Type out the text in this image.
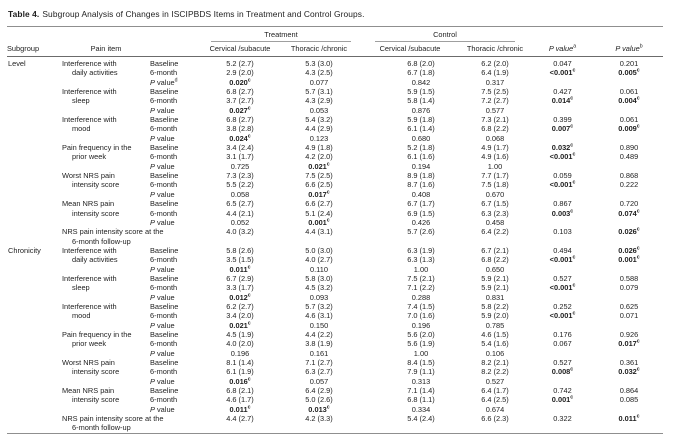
Table 4. Subgroup Analysis of Changes in ISCIPBDS Items in Treatment and Control Groups.
			Treatment		Control			
Subgroup	Pain item		Cervical /subacute	Thoracic /chronic	Cervical /subacute	Thoracic /chronic	P value$^a$	P value$^b$
Level	Interference with
daily activities	Baseline	5.2 (2.7)	5.3 (3.0)	6.8 (2.0)	6.2 (2.0)	0.047	0.201
		6-month	2.9 (2.0)	4.3 (2.5)	6.7 (1.8)	6.4 (1.9)	<0.001$^c$	0.005$^c$
		P value$^d$	0.020$^c$	0.077	0.842	0.317		
	Interference with
sleep	Baseline	6.8 (2.7)	5.7 (3.1)	5.9 (1.5)	7.5 (2.5)	0.427	0.061
		6-month	3.7 (2.7)	4.3 (2.9)	5.8 (1.4)	7.2 (2.7)	0.014$^c$	0.004$^c$
		P value	0.027$^c$	0.053	0.876	0.577		
	Interference with
mood	Baseline	6.8 (2.7)	5.4 (3.2)	5.9 (1.8)	7.3 (2.1)	0.399	0.061
		6-month	3.8 (2.8)	4.4 (2.9)	6.1 (1.4)	6.8 (2.2)	0.007$^c$	0.009$^c$
		P value	0.024$^c$	0.123	0.680	0.068		
	Pain frequency in the
prior week	Baseline	3.4 (2.4)	4.9 (1.8)	5.2 (1.8)	4.9 (1.7)	0.032$^c$	0.890
		6-month	3.1 (1.7)	4.2 (2.0)	6.1 (1.6)	4.9 (1.6)	<0.001$^c$	0.489
		P value	0.725	0.021$^c$	0.194	1.00		
	Worst NRS pain
intensity score	Baseline	7.3 (2.3)	7.5 (2.5)	8.9 (1.8)	7.7 (1.7)	0.059	0.868
		6-month	5.5 (2.2)	6.6 (2.5)	8.7 (1.6)	7.5 (1.8)	<0.001$^c$	0.222
		P value	0.058	0.017$^c$	0.408	0.670		
	Mean NRS pain
intensity score	Baseline	6.5 (2.7)	6.6 (2.7)	6.7 (1.7)	6.7 (1.5)	0.867	0.720
		6-month	4.4 (2.1)	5.1 (2.4)	6.9 (1.5)	6.3 (2.3)	0.003$^c$	0.074$^c$
		P value	0.052	0.001$^c$	0.426	0.458		
	NRS pain intensity score at the
6-month follow-up		4.0 (3.2)	4.4 (3.1)	5.7 (2.6)	6.4 (2.2)	0.103	0.026$^c$
Chronicity	Interference with
daily activities	Baseline	5.8 (2.6)	5.0 (3.0)	6.3 (1.9)	6.7 (2.1)	0.494	0.026$^c$
		6-month	3.5 (1.5)	4.0 (2.7)	6.3 (1.3)	6.8 (2.2)	<0.001$^c$	0.001$^c$
		P value	0.011$^c$	0.110	1.00	0.650		
	Interference with
sleep	Baseline	6.7 (2.9)	5.8 (3.0)	7.5 (2.1)	5.9 (2.1)	0.527	0.588
		6-month	3.3 (1.7)	4.5 (3.2)	7.1 (2.2)	5.9 (2.1)	<0.001$^c$	0.079
		P value	0.012$^c$	0.093	0.288	0.831		
	Interference with
mood	Baseline	6.2 (2.7)	5.7 (3.2)	7.4 (1.5)	5.8 (2.2)	0.252	0.625
		6-month	3.4 (2.0)	4.6 (3.1)	7.0 (1.6)	5.9 (2.0)	<0.001$^c$	0.071
		P value	0.021$^c$	0.150	0.196	0.785		
	Pain frequency in the
prior week	Baseline	4.5 (1.9)	4.4 (2.2)	5.6 (2.0)	4.6 (1.5)	0.176	0.926
		6-month	4.0 (2.0)	3.8 (1.9)	5.6 (1.9)	5.4 (1.6)	0.067	0.017$^c$
		P value	0.196	0.161	1.00	0.106		
	Worst NRS pain
intensity score	Baseline	8.1 (1.4)	7.1 (2.7)	8.4 (1.5)	8.2 (2.1)	0.527	0.361
		6-month	6.1 (1.9)	6.3 (2.7)	7.9 (1.1)	8.2 (2.2)	0.008$^c$	0.032$^c$
		P value	0.016$^c$	0.057	0.313	0.527		
	Mean NRS pain
intensity score	Baseline	6.8 (2.1)	6.4 (2.9)	7.1 (1.4)	6.4 (1.7)	0.742	0.864
		6-month	4.6 (1.7)	5.0 (2.6)	6.8 (1.1)	6.4 (2.5)	0.001$^c$	0.085
		P value	0.011$^c$	0.013$^c$	0.334	0.674		
	NRS pain intensity score at the
6-month follow-up		4.4 (2.7)	4.2 (3.3)	5.4 (2.4)	6.6 (2.3)	0.322	0.011$^c$
